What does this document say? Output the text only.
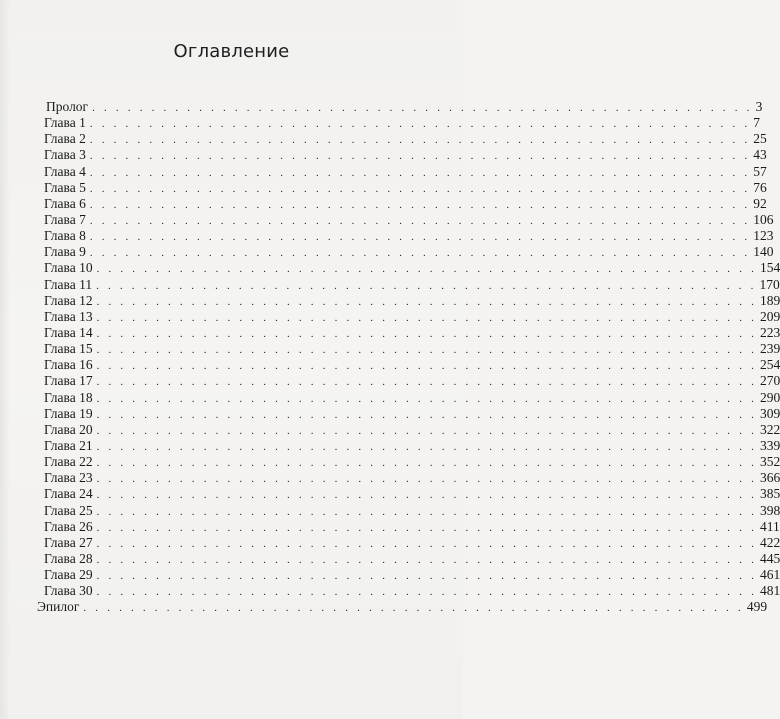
Оглавление
Пролог . . . . . . . . . . . . . . . . . . . . . . . . . . . . . . . . . . . . . . . . . . . . . . . . . . . . . . . . 3
Глава 1 . . . . . . . . . . . . . . . . . . . . . . . . . . . . . . . . . . . . . . . . . . . . . . . . . . . . . . . . 7
Глава 2 . . . . . . . . . . . . . . . . . . . . . . . . . . . . . . . . . . . . . . . . . . . . . . . . . . . . . . . . 25
Глава 3 . . . . . . . . . . . . . . . . . . . . . . . . . . . . . . . . . . . . . . . . . . . . . . . . . . . . . . . . 43
Глава 4 . . . . . . . . . . . . . . . . . . . . . . . . . . . . . . . . . . . . . . . . . . . . . . . . . . . . . . . . 57
Глава 5 . . . . . . . . . . . . . . . . . . . . . . . . . . . . . . . . . . . . . . . . . . . . . . . . . . . . . . . . 76
Глава 6 . . . . . . . . . . . . . . . . . . . . . . . . . . . . . . . . . . . . . . . . . . . . . . . . . . . . . . . . 92
Глава 7 . . . . . . . . . . . . . . . . . . . . . . . . . . . . . . . . . . . . . . . . . . . . . . . . . . . . . . . . 106
Глава 8 . . . . . . . . . . . . . . . . . . . . . . . . . . . . . . . . . . . . . . . . . . . . . . . . . . . . . . . . 123
Глава 9 . . . . . . . . . . . . . . . . . . . . . . . . . . . . . . . . . . . . . . . . . . . . . . . . . . . . . . . . 140
Глава 10 . . . . . . . . . . . . . . . . . . . . . . . . . . . . . . . . . . . . . . . . . . . . . . . . . . . . . . . . 154
Глава 11 . . . . . . . . . . . . . . . . . . . . . . . . . . . . . . . . . . . . . . . . . . . . . . . . . . . . . . . . 170
Глава 12 . . . . . . . . . . . . . . . . . . . . . . . . . . . . . . . . . . . . . . . . . . . . . . . . . . . . . . . . 189
Глава 13 . . . . . . . . . . . . . . . . . . . . . . . . . . . . . . . . . . . . . . . . . . . . . . . . . . . . . . . . 209
Глава 14 . . . . . . . . . . . . . . . . . . . . . . . . . . . . . . . . . . . . . . . . . . . . . . . . . . . . . . . . 223
Глава 15 . . . . . . . . . . . . . . . . . . . . . . . . . . . . . . . . . . . . . . . . . . . . . . . . . . . . . . . . 239
Глава 16 . . . . . . . . . . . . . . . . . . . . . . . . . . . . . . . . . . . . . . . . . . . . . . . . . . . . . . . . 254
Глава 17 . . . . . . . . . . . . . . . . . . . . . . . . . . . . . . . . . . . . . . . . . . . . . . . . . . . . . . . . 270
Глава 18 . . . . . . . . . . . . . . . . . . . . . . . . . . . . . . . . . . . . . . . . . . . . . . . . . . . . . . . . 290
Глава 19 . . . . . . . . . . . . . . . . . . . . . . . . . . . . . . . . . . . . . . . . . . . . . . . . . . . . . . . . 309
Глава 20 . . . . . . . . . . . . . . . . . . . . . . . . . . . . . . . . . . . . . . . . . . . . . . . . . . . . . . . . 322
Глава 21 . . . . . . . . . . . . . . . . . . . . . . . . . . . . . . . . . . . . . . . . . . . . . . . . . . . . . . . . 339
Глава 22 . . . . . . . . . . . . . . . . . . . . . . . . . . . . . . . . . . . . . . . . . . . . . . . . . . . . . . . . 352
Глава 23 . . . . . . . . . . . . . . . . . . . . . . . . . . . . . . . . . . . . . . . . . . . . . . . . . . . . . . . . 366
Глава 24 . . . . . . . . . . . . . . . . . . . . . . . . . . . . . . . . . . . . . . . . . . . . . . . . . . . . . . . . 385
Глава 25 . . . . . . . . . . . . . . . . . . . . . . . . . . . . . . . . . . . . . . . . . . . . . . . . . . . . . . . . 398
Глава 26 . . . . . . . . . . . . . . . . . . . . . . . . . . . . . . . . . . . . . . . . . . . . . . . . . . . . . . . . 411
Глава 27 . . . . . . . . . . . . . . . . . . . . . . . . . . . . . . . . . . . . . . . . . . . . . . . . . . . . . . . . 422
Глава 28 . . . . . . . . . . . . . . . . . . . . . . . . . . . . . . . . . . . . . . . . . . . . . . . . . . . . . . . . 445
Глава 29 . . . . . . . . . . . . . . . . . . . . . . . . . . . . . . . . . . . . . . . . . . . . . . . . . . . . . . . . 461
Глава 30 . . . . . . . . . . . . . . . . . . . . . . . . . . . . . . . . . . . . . . . . . . . . . . . . . . . . . . . . 481
Эпилог . . . . . . . . . . . . . . . . . . . . . . . . . . . . . . . . . . . . . . . . . . . . . . . . . . . . . . . . 499
